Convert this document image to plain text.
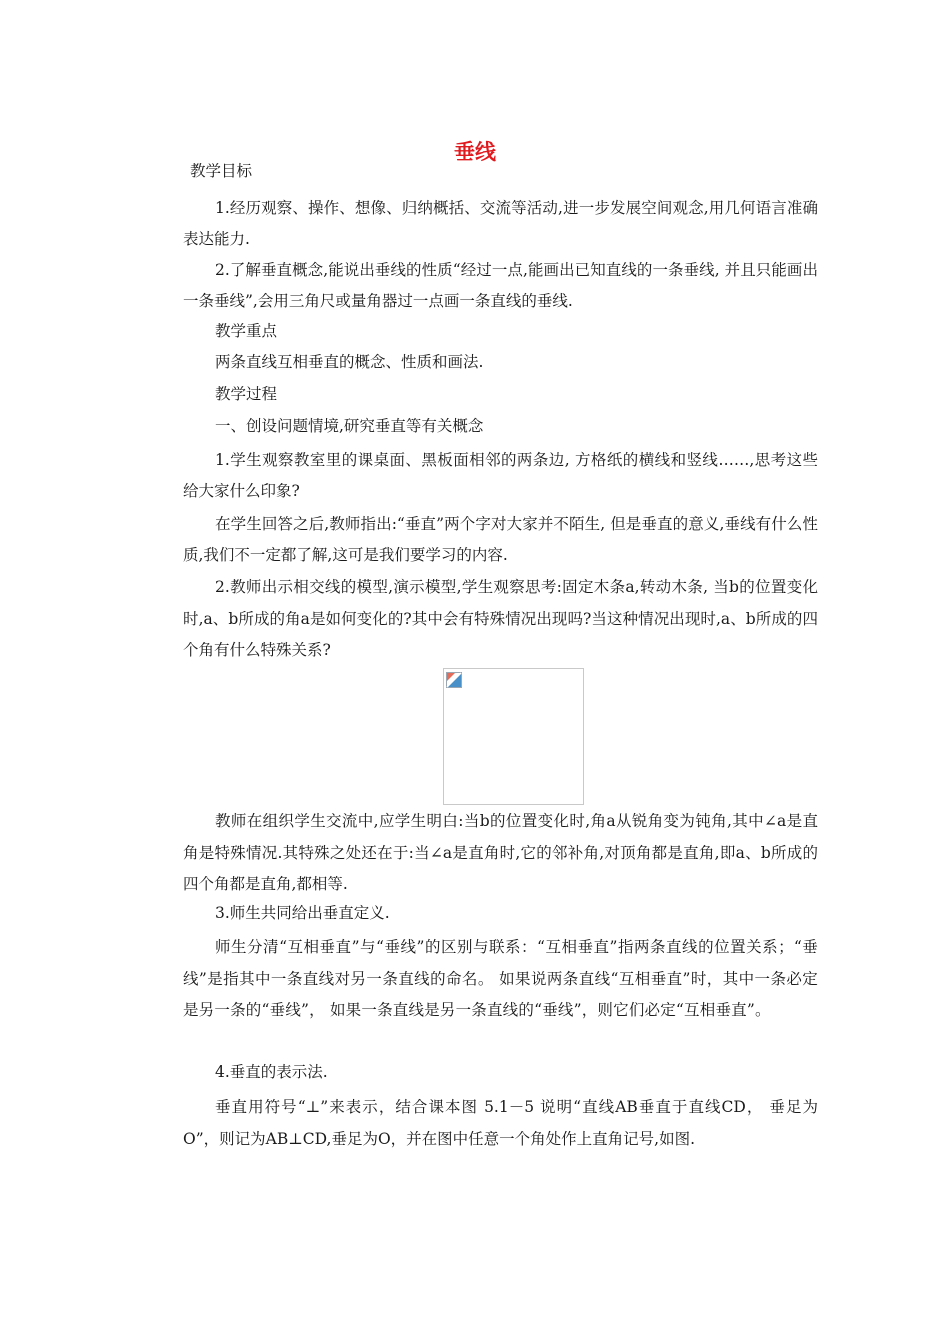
垂线

教学目标

1.经历观察、操作、想像、归纳概括、交流等活动,进一步发展空间观念,用几何语言准确表达能力.

2.了解垂直概念,能说出垂线的性质“经过一点,能画出已知直线的一条垂线, 并且只能画出一条垂线”,会用三角尺或量角器过一点画一条直线的垂线.

教学重点

两条直线互相垂直的概念、性质和画法.

教学过程

一、创设问题情境,研究垂直等有关概念

1.学生观察教室里的课桌面、黑板面相邻的两条边, 方格纸的横线和竖线……,思考这些给大家什么印象?

在学生回答之后,教师指出:“垂直”两个字对大家并不陌生, 但是垂直的意义,垂线有什么性质,我们不一定都了解,这可是我们要学习的内容.

2.教师出示相交线的模型,演示模型,学生观察思考:固定木条a,转动木条, 当b的位置变化时,a、b所成的角a是如何变化的?其中会有特殊情况出现吗?当这种情况出现时,a、b所成的四个角有什么特殊关系?

教师在组织学生交流中,应学生明白:当b的位置变化时,角a从锐角变为钝角,其中∠a是直角是特殊情况.其特殊之处还在于:当∠a是直角时,它的邻补角,对顶角都是直角,即a、b所成的四个角都是直角,都相等.

3.师生共同给出垂直定义.

师生分清“互相垂直”与“垂线”的区别与联系：“互相垂直”指两条直线的位置关系；“垂线”是指其中一条直线对另一条直线的命名。 如果说两条直线“互相垂直”时，其中一条必定是另一条的“垂线”， 如果一条直线是另一条直线的“垂线”，则它们必定“互相垂直”。

4.垂直的表示法.

垂直用符号“⊥”来表示，结合课本图 5.1－5 说明“直线AB垂直于直线CD， 垂足为O”，则记为AB⊥CD,垂足为O，并在图中任意一个角处作上直角记号,如图.
